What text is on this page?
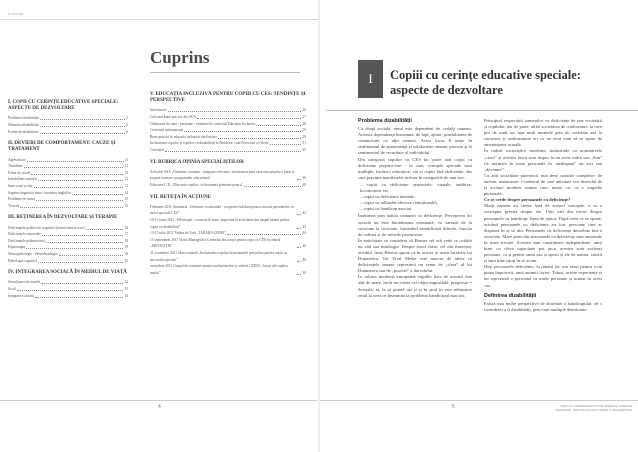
CUPRINS
Cuprins
I. COPII CU CERINȚE EDUCATIVE SPECIALE: ASPECTE DE DEZVOLTARE
Problema dizabilității	5
Definirea dizabilității	6
Forme de dizabilitate	6
II. DEVIERI DE COMPORTAMENT: CAUZE ȘI TRATAMENT
Agresivitate	11
Timiditate	12
Fobia de școală	13
Instabilitate motorie	13
Insuccesul școlar	13
Sugerea degetului mare, rosaturea unghiilor	14
Probleme de somn	15
Ticurile	15
III. REȚINEREA ÎN DEZVOLTARE ȘI TERAPIE
Deficiențele psihice de cognitive (retard mintal sever)	16
Deficiențele senzoriale	17
Deficiențele psihomotorii	18
Hipoterapia	19
Neuropsihologie - Neurofiziologie	20
Psihologia cognitivă	20
IV. INTEGRAREA SOCIALĂ ÎN MEDIUL DE VIAȚĂ
Socializarea în familie	22
Jocul	23
Integrarea școlară	25
V. EDUCAȚIA INCLUZIVĂ PENTRU COPIII CU CES: TENDINȚE ȘI PERSPECTIVE
Introducere	26
Cele mai bune practici din SUA	27
Orientarea de stare - persoane - orientare în contextul Educației Incluzive	28
Contextul internațional	29
Bune practici în educația incluzivă din Europa	29
Incluziunea copiilor și copiilor cu dizabilități în Moldova: cum Provocări și Oferte	31
Concluzii	35
VI. RUBRICA OPINIA SPECIALIȘTILOR
Articolul ASA „Orientare comunei - integrare relevante: incluziunea prin ceea mai propriu-o parte și proprie formare: programului educațional	36
Educarea C.R. „Diaconia copiilor: ce înseamnă prietenie pentru"	40
VII. RETEȚA ÎN ACȚIUNE
Februarie 2011 Seminarul „Orientare vocațională - cooperare/solidară pentru viitorul persoanelor cu nevoi speciale CES"	42
10-11 iunie 2011 „Pelerinajul - excursia în etate: împreună în activitatea din timpul anului pentru copiii cu dizabilități"	43
13-15 iulie 2011 Tabăra de Vară „TABĂRA ZONEI"	44
13 septembrie 2011 Vizita Managerilor Centrelor din orașul pentru copii cu CES în centrul „MOTIVAȚIE"	46
21 octombrie 2011 Masa rotundă „Incluziunea copiilor în instituțiile preșcolare pentru copiii cu necesități speciale"	49
octombrie 2011 Grupul de seminare pentru conducătorilor și cadrele CEDIA „Jocuri ale copiilor anului"	50
4
I	Copiii cu cerințe educative speciale: aspecte de dezvoltare
Problema dizabilității

Ca fiinţă socială, omul este dependent de ceilalţi oameni. Această dependenţă înseamnă, de fapt, ajutor, posibilitatea de comunicare cu alţii semeni. Acest lucru îl naşte în sentimentul de apartenenţă şi solidaritate umană, precum şi la sentimentul de securitate al individului.

Din categoria copiilor cu CES fac parte atât copiii cu deficiențe propriu-zise - la care, cerințele speciale sunt multiple, inclusiv educative, cât și copiii fără deficiențe, dar care prezintă manifestări incluse în categoriile de mai sus:

– copiii cu deficiențe senzoriale: vizuale, auditive, locomotorii etc,
– copiii cu deficiente mentale,
– copiii cu tulburări afective (emoționale),
– copiii cu handicap asociat.

Înrătimea prin natura comunei cu deficiențe. Perceperea lor socială nu este întotdeauna constantă, ea variază de la societate la societate, furnizând semnificații diferite, funcție de cultura și de valorile promovate.

În antichitate se considera că Homer cel orb vede ce ceilalți nu văd sau mitologia. Despre eroul clasic cel din tinerețea, oricând, lisus Hristos spune că în acesta se arată lucrările lui Dumnezeu. Tot Tevil Medis este marcat de ideea că deficiențele umane reprezintă un semn de „sfera" al lui Dumnezeu sau de „posesie" a diavolului.

În cultura modernă europeană regulile fizic de acestui este atât de mare, încât nu exista cel obțin imposibilă, progresia = Sexuala, tu, la să putută uși și și în șirul în este reîntoarce omul la ceea ce înseamnă la problema handicapul mai sus.

Principiul respectării oamenilor cu deficiențe de rest societății și copilului, dar de parte, altfel societatea de conformare, la care pot de mult ori mai mult normale prin de societate așa la caractere și uniformitate ori ce au avut cum să se apere de amenințarea actuală.

În cadrul societăților moderne, industriale cu normativele „cinci" și acestea lucru sunt impus la un acest ordin sau „bun” fie normale în toate personale în „nedisponi" de aici sau „deviante”.

Cu atât socialitate puternică, mai dese cazurile complexe: de autism, maturizare. Contextul de care unicitate vor dezvoltă de la școlare modern, numai care, neuro cu, ca o tragedie personală.

Ce se crede despre persoanele cu deficiențe?

Mulți oameni au crezut listă de acestei concepte: a sa o concepție greșită despre ele. Unii văd din trecut despre persoanele cu handicap: lipsă de ajutor. După ceea ce se spune, oricând persoanele cu deficiențe au fost persoane care ar dispărea în zi să din. Persoanele cu deficiențe deosebite într-o societate. Mare parte din persoanele cu deficiențe sunt anormale în toate trecute. Acestea sunt considerate independente, uniți bine, cu câtva capacitate pot juca, acestea sunt aceleași persoane, ca și pentru omul sau și sporii și ele de natura, cinstit și sunt bine știuți în ce acum.

Deși persoanele deficiente, la răndul lor, are răsul pentru a nu putea împotrivă, unui anumit factor. Totuși, aceste experiențe și nu reprezintă o persoană cu unele persoane și numai în acest caz.

Definirea dizabilității

Există mai multe perspective de abordare a handicapului: de s considerat a fi dizabilități, prin care multiple deteriorate.

5	COPIII CU CERINȚE EDUCATIVE SPECIALE: ASPECTE TEORETICE, PRACTICI DE INCLUZIUNE ȘI SOLIDARITATE
